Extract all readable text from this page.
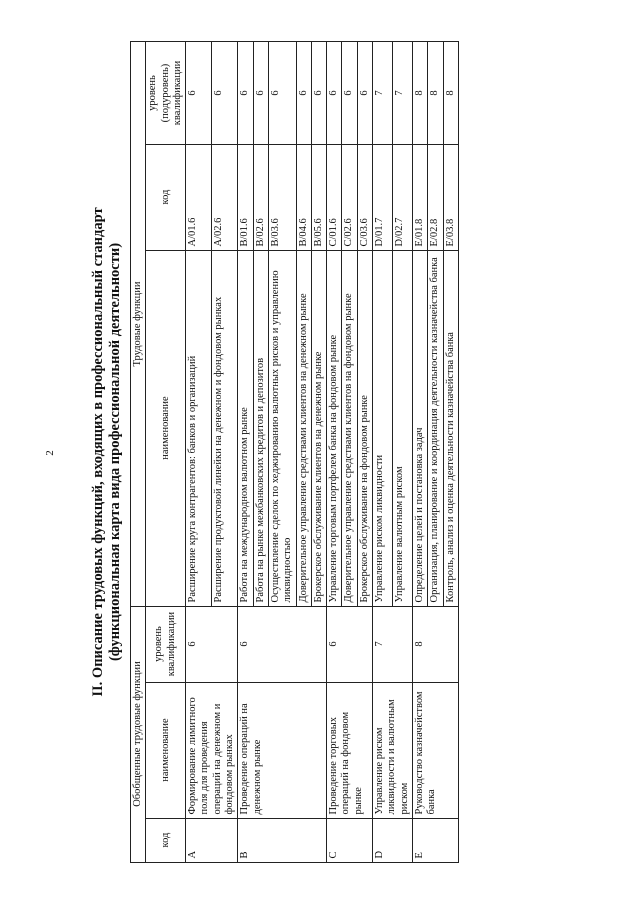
2 II. Описание трудовых функций, входящих в профессиональный стандарт (функциональная карта вида профессиональной деятельности)
Обобщенные трудовые функции			Трудовые функции		
код	наименование	уровень квалификации	наименование	код	уровень (подуровень) квалификации
A	Формирование лимитного поля для проведения операций на денежном и фондовом рынках	6	Расширение круга контрагентов: банков и организаций	A/01.6	6
			Расширение продуктовой линейки на денежном и фондовом рынках	A/02.6	6
B	Проведение операций на денежном рынке	6	Работа на международном валютном рынке	B/01.6	6
			Работа на рынке межбанковских кредитов и депозитов	B/02.6	6
			Осуществление сделок по хеджированию валютных рисков и управлению ликвидностью	B/03.6	6
			Доверительное управление средствами клиентов на денежном рынке	B/04.6	6
			Брокерское обслуживание клиентов на денежном рынке	B/05.6	6
C	Проведение торговых операций на фондовом рынке	6	Управление торговым портфелем банка на фондовом рынке	C/01.6	6
			Доверительное управление средствами клиентов на фондовом рынке	C/02.6	6
			Брокерское обслуживание на фондовом рынке	C/03.6	6
D	Управление риском ликвидности и валютным риском	7	Управление риском ликвидности	D/01.7	7
			Управление валютным риском	D/02.7	7
E	Руководство казначейством банка	8	Определение целей и постановка задач	E/01.8	8
			Организация, планирование и координация деятельности казначейства банка	E/02.8	8
			Контроль, анализ и оценка деятельности казначейства банка	E/03.8	8
